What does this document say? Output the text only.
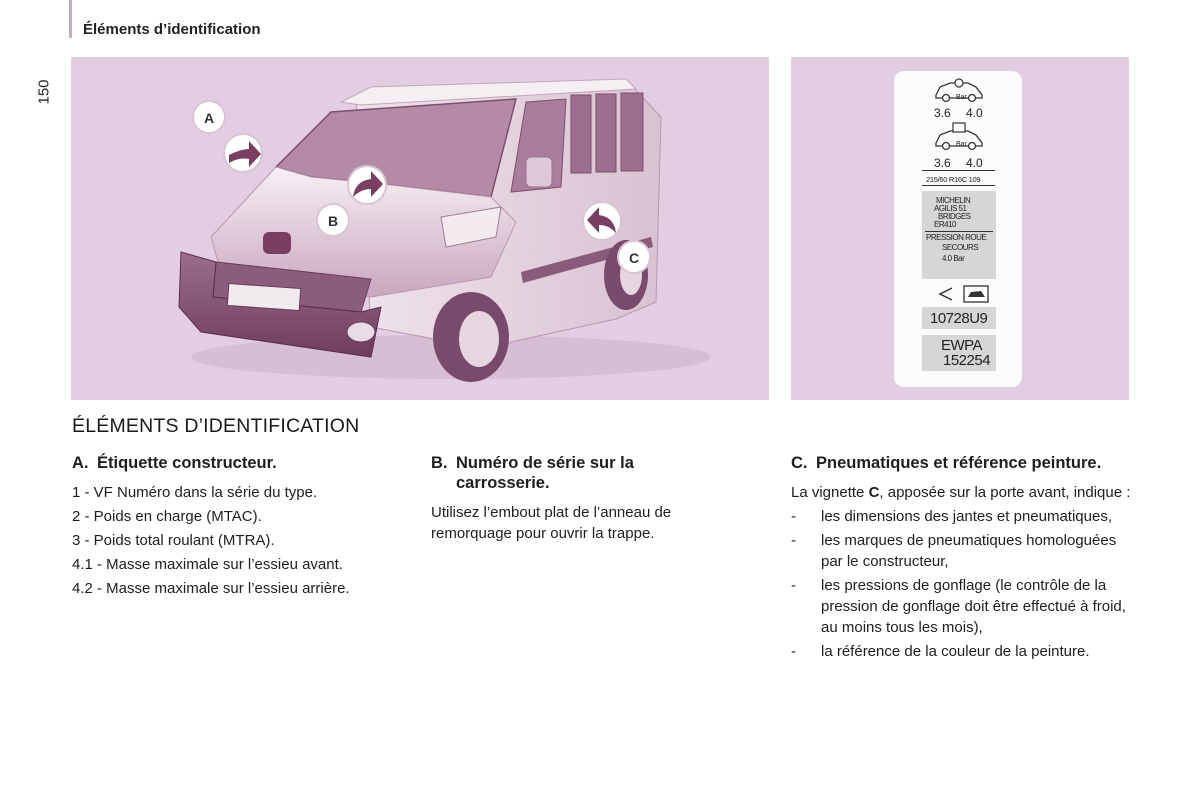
Éléments d’identification
150
A
B
C
Bar
3.6 4.0
Bar
3.6 4.0
215/60 R16C 109
MICHELIN
AGILIS 51
BRIDGES
ER410
PRESSION ROUE
SECOURS
4.0 Bar
10728U9
EWPA
152254
ÉLÉMENTS D’IDENTIFICATION
A. Étiquette constructeur.
1 - VF Numéro dans la série du type.
2 - Poids en charge (MTAC).
3 - Poids total roulant (MTRA).
4.1 - Masse maximale sur l’essieu avant.
4.2 - Masse maximale sur l’essieu arrière.
B. Numéro de série sur la carrosserie.

Utilisez l’embout plat de l’anneau de remorquage pour ouvrir la trappe.

C. Pneumatiques et référence peinture.

La vignette C, apposée sur la porte avant, indique :

- les dimensions des jantes et pneumatiques,
- les marques de pneumatiques homologuées par le constructeur,
- les pressions de gonflage (le contrôle de la pression de gonflage doit être effectué à froid, au moins tous les mois),
- la référence de la couleur de la peinture.
